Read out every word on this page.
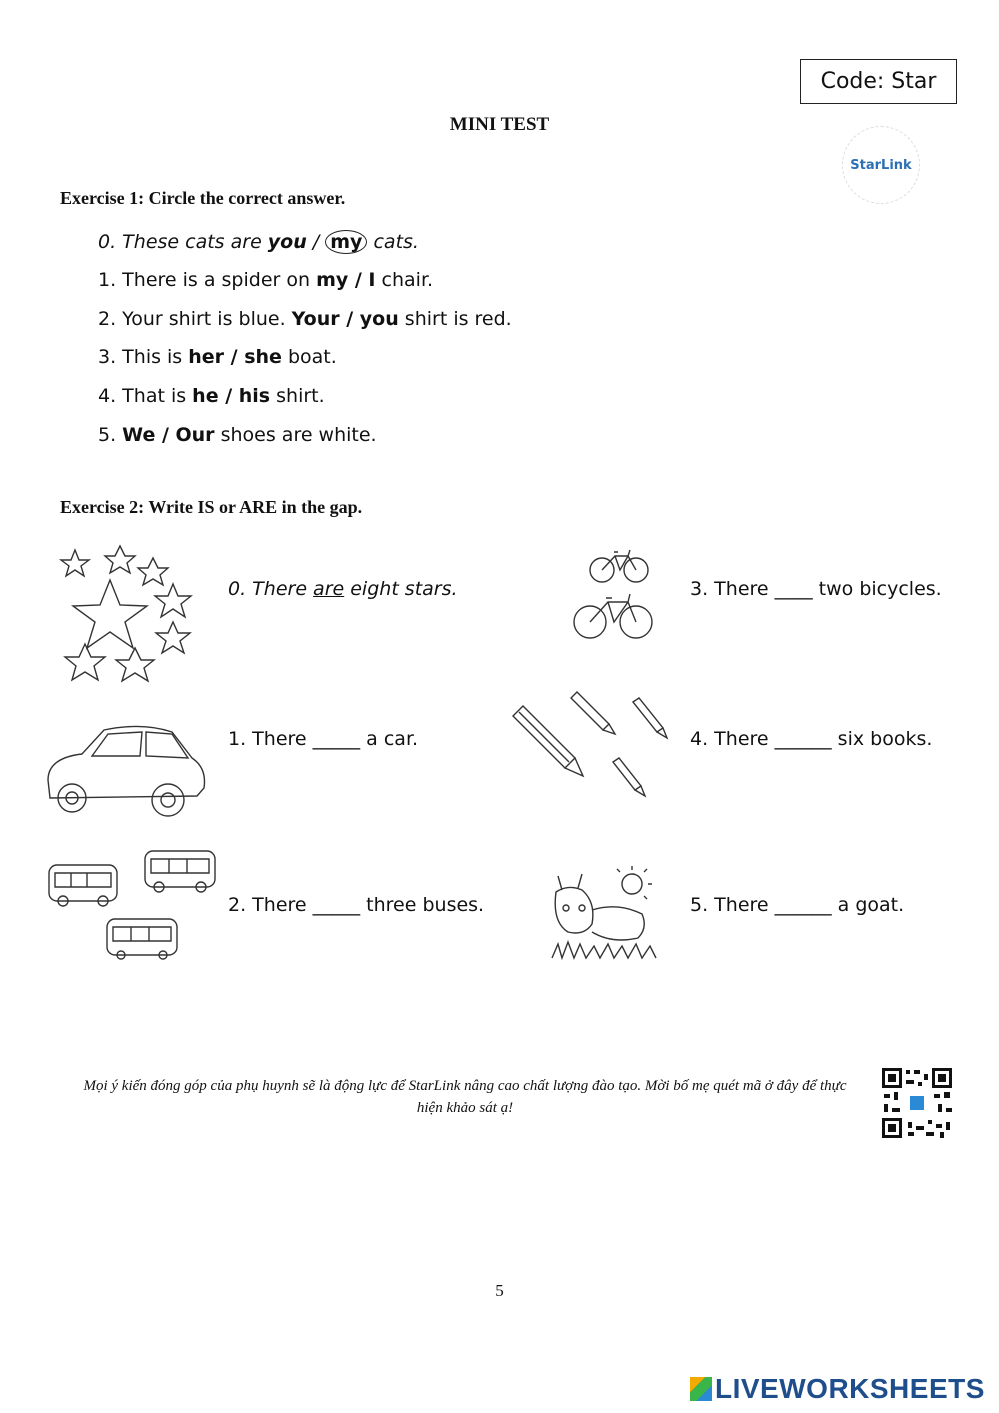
Code: Star
MINI TEST
StarLink
Exercise 1: Circle the correct answer.
0. These cats are you / my cats.
1. There is a spider on my / I chair.
2. Your shirt is blue. Your / you shirt is red.
3. This is her / she boat.
4. That is he / his shirt.
5. We / Our shoes are white.
Exercise 2: Write IS or ARE in the gap.
0. There are eight stars.	3. There ____ two bicycles.
1. There _____ a car.	4. There ______ six books.
2. There _____ three buses.	5. There ______ a goat.
Mọi ý kiến đóng góp của phụ huynh sẽ là động lực để StarLink nâng cao chất lượng đào tạo. Mời bố mẹ quét mã ở đây để thực hiện khảo sát ạ!
5
LIVEWORKSHEETS
